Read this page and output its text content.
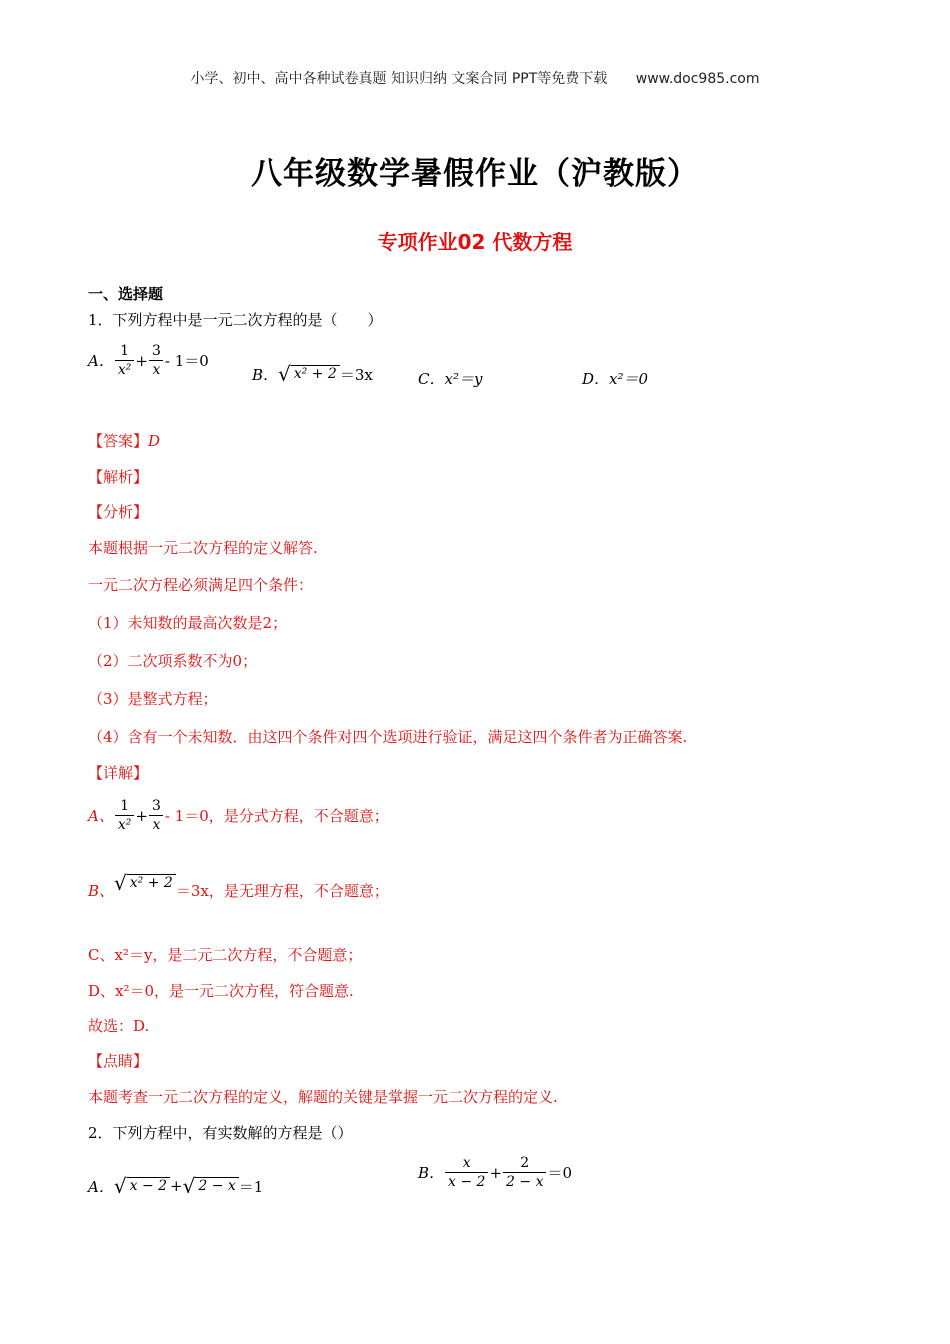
小学、初中、高中各种试卷真题 知识归纳 文案合同 PPT等免费下载 www.doc985.com
八年级数学暑假作业（沪教版）
专项作业02 代数方程
一、选择题
1．下列方程中是一元二次方程的是（　　）
A． $\frac{1}{\text{x²}} + \frac{3}{x} - 1=0$
B． √ x² + 2 ＝3x	C．x²＝y	D．x²＝0
【答案】D
【解析】
【分析】
本题根据一元二次方程的定义解答.
一元二次方程必须满足四个条件：
（1）未知数的最高次数是2；
（2）二次项系数不为0；
（3）是整式方程；
（4）含有一个未知数．由这四个条件对四个选项进行验证，满足这四个条件者为正确答案.
【详解】
A、 $\frac{1}{\text{x²}} + \frac{3}{x} - 1=0$，是分式方程，不合题意；
B、 √ x² + 2 ＝3x，是无理方程，不合题意；
C、x²＝y，是二元二次方程，不合题意；
D、x²＝0，是一元二次方程，符合题意.
故选：D.
【点睛】
本题考查一元二次方程的定义，解题的关键是掌握一元二次方程的定义.
2．下列方程中，有实数解的方程是（）
A． √ x − 2 + √ 2 − x ＝1
B． $\frac{x}{x - 2} + \frac{2}{2 - x} =0$
